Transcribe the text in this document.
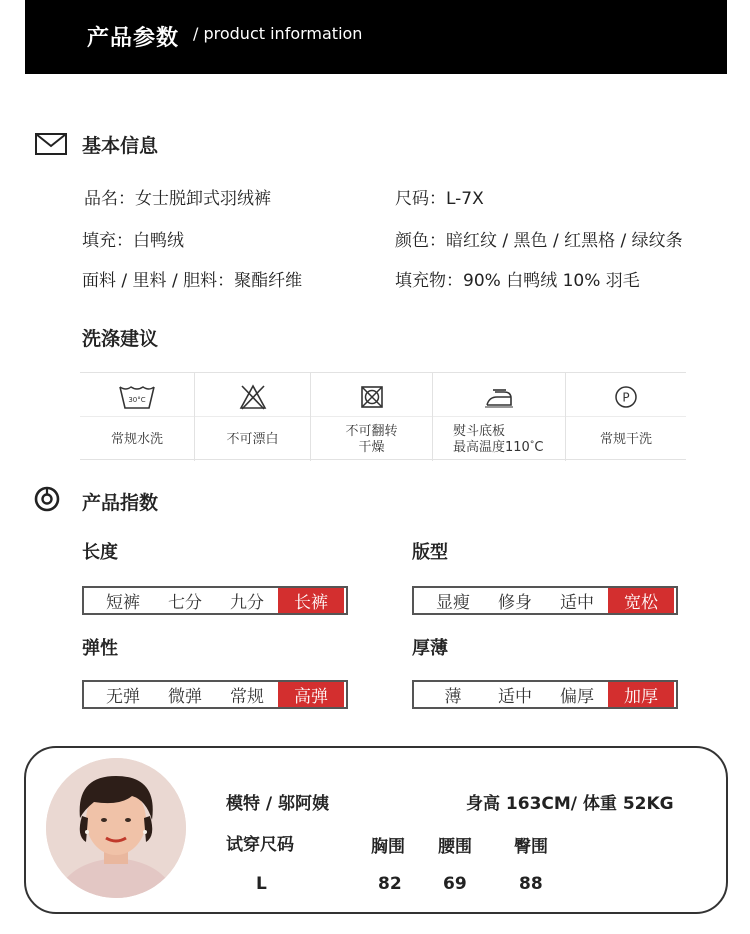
产品参数 / product information
基本信息
品名：女士脱卸式羽绒裤	尺码：L-7X
填充：白鸭绒	颜色：暗红纹 / 黑色 / 红黑格 / 绿纹条
面料 / 里料 / 胆料：聚酯纤维	填充物：90% 白鸭绒 10% 羽毛
洗涤建议
30°C
常规水洗	不可漂白
不可翻转
干燥
熨斗底板
最高温度 110 ° C
P
常规干洗
产品指数
长度	版型
弹性	厚薄
短裤	七分	九分	长裤	显瘦	修身	适中	宽松
无弹	微弹	常规	高弹	薄	适中	偏厚	加厚
模特 / 邬阿姨	身高 163CM/ 体重 52KG
试穿尺码	胸围 腰围 臀围
L	82 69	88
